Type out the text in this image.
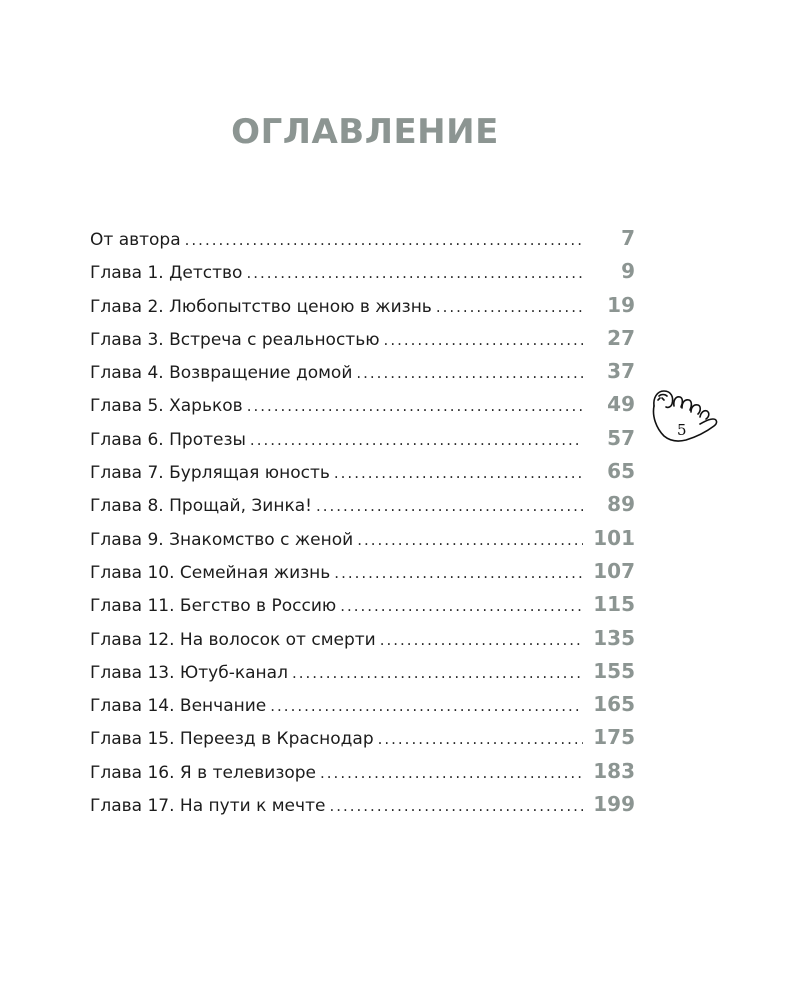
ОГЛАВЛЕНИЕ
От автора .....	7
Глава 1. Детство .....	9
Глава 2. Любопытство ценою в жизнь .....	19
Глава 3. Встреча с реальностью .....	27
Глава 4. Возвращение домой .....	37
Глава 5. Харьков .....	49
Глава 6. Протезы .....	57
Глава 7. Бурлящая юность .....	65
Глава 8. Прощай, Зинка! .....	89
Глава 9. Знакомство с женой .....	101
Глава 10. Семейная жизнь .....	107
Глава 11. Бегство в Россию .....	115
Глава 12. На волосок от смерти .....	135
Глава 13. Ютуб-канал .....	155
Глава 14. Венчание .....	165
Глава 15. Переезд в Краснодар .....	175
Глава 16. Я в телевизоре .....	183
Глава 17. На пути к мечте .....	199
5
